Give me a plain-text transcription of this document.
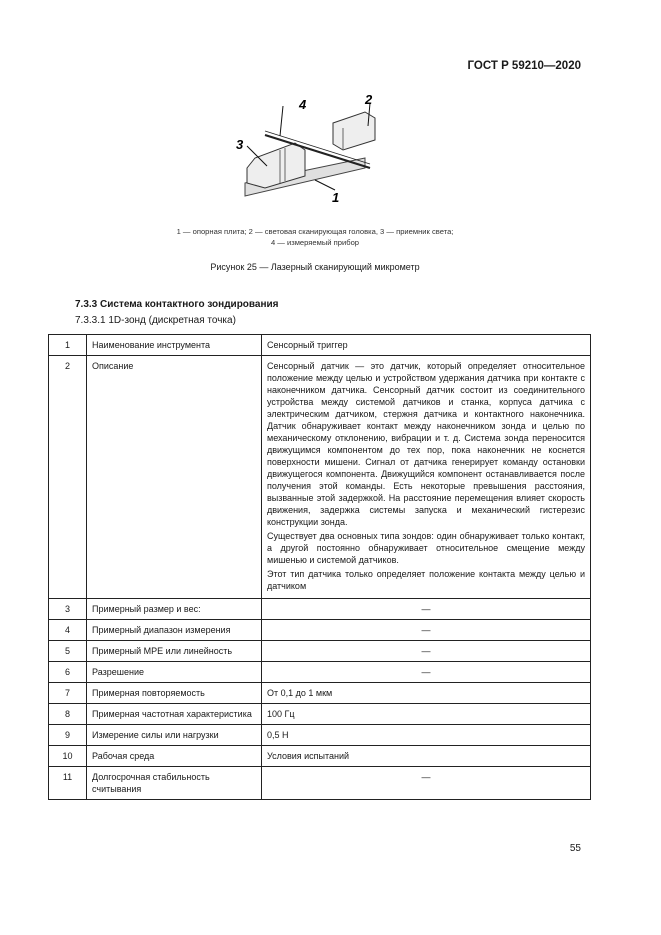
ГОСТ Р 59210—2020
4	2
3
1
1 — опорная плита; 2 — световая сканирующая головка, 3 — приемник света;
4 — измеряемый прибор
Рисунок 25 — Лазерный сканирующий микрометр
7.3.3 Система контактного зондирования
7.3.3.1 1D-зонд (дискретная точка)
1	Наименование инструмента	Сенсорный триггер
2	Описание	Сенсорный датчик — это датчик, который определяет относительное положение между целью и устройством удержания датчика при контакте с наконечником датчика. Сенсорный датчик состоит из соединительного устройства между системой датчиков и станка, корпуса датчика с электрическим датчиком, стержня датчика и контактного наконечника. Датчик обнаруживает контакт между наконечником зонда и целью по механическому отклонению, вибрации и т. д. Система зонда переносится движущимся компонентом до тех пор, пока наконечник не коснется поверхности мишени. Сигнал от датчика генерирует команду остановки движущегося компонента. Движущийся компонент останавливается после получения этой команды. Есть некоторые превышения расстояния, вызванные этой задержкой. На расстояние перемещения влияет скорость движения, задержка системы запуска и механический гистерезис конструкции зонда.

Существует два основных типа зондов: один обнаруживает только контакт, а другой постоянно обнаруживает относительное смещение между мишенью и системой датчиков.

Этот тип датчика только определяет положение контакта между целью и датчиком

3	Примерный размер и вес:	—
4	Примерный диапазон измерения	—
5	Примерный MPE или линейность	—
6	Разрешение	—
7	Примерная повторяемость	От 0,1 до 1 мкм
8	Примерная частотная характеристика	100 Гц
9	Измерение силы или нагрузки	0,5 Н
10	Рабочая среда	Условия испытаний
11	Долгосрочная стабильность считывания	—
55
